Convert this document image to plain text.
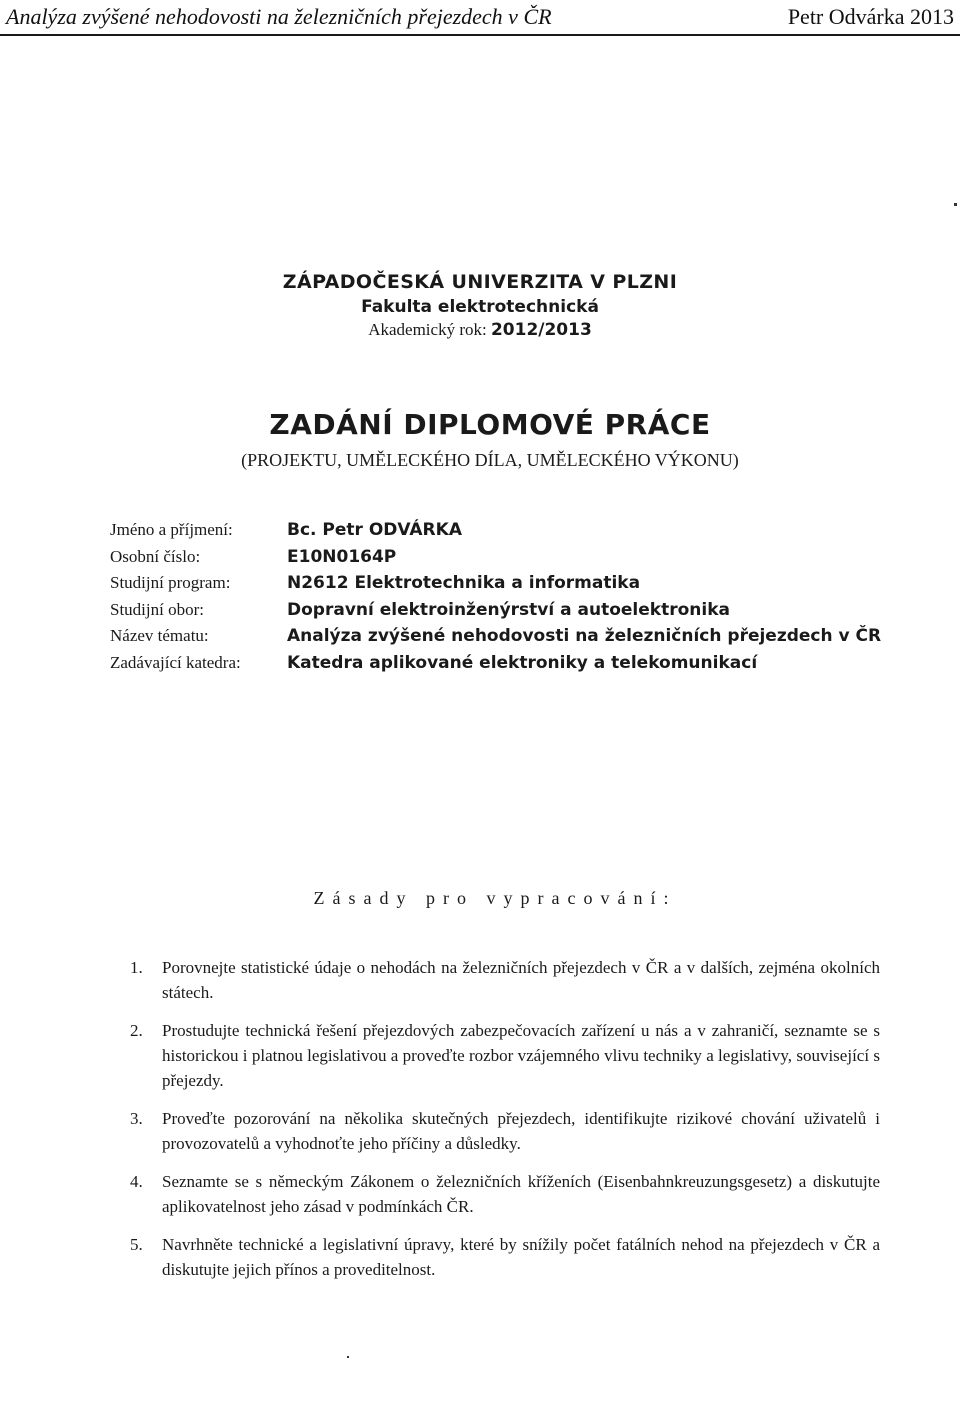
Analýza zvýšené nehodovosti na železničních přejezdech v ČR	Petr Odvárka 2013
ZÁPADOČESKÁ UNIVERZITA V PLZNI
Fakulta elektrotechnická
Akademický rok: 2012/2013
ZADÁNÍ DIPLOMOVÉ PRÁCE
(PROJEKTU, UMĚLECKÉHO DÍLA, UMĚLECKÉHO VÝKONU)
Jméno a příjmení:	Bc. Petr ODVÁRKA
Osobní číslo:	E10N0164P
Studijní program:	N2612 Elektrotechnika a informatika
Studijní obor:	Dopravní elektroinženýrství a autoelektronika
Název tématu:	Analýza zvýšené nehodovosti na železničních přejezdech v ČR
Zadávající katedra:	Katedra aplikované elektroniky a telekomunikací
Zásady pro vypracování:
1. Porovnejte statistické údaje o nehodách na železničních přejezdech v ČR a v dalších, zejména okolních státech.
2. Prostudujte technická řešení přejezdových zabezpečovacích zařízení u nás a v zahraničí, seznamte se s historickou i platnou legislativou a proveďte rozbor vzájemného vlivu techniky a legislativy, související s přejezdy.
3. Proveďte pozorování na několika skutečných přejezdech, identifikujte rizikové chování uživatelů i provozovatelů a vyhodnoťte jeho příčiny a důsledky.
4. Seznamte se s německým Zákonem o železničních kříženích (Eisenbahnkreuzungsgesetz) a diskutujte aplikovatelnost jeho zásad v podmínkách ČR.
5. Navrhněte technické a legislativní úpravy, které by snížily počet fatálních nehod na přejezdech v ČR a diskutujte jejich přínos a proveditelnost.
